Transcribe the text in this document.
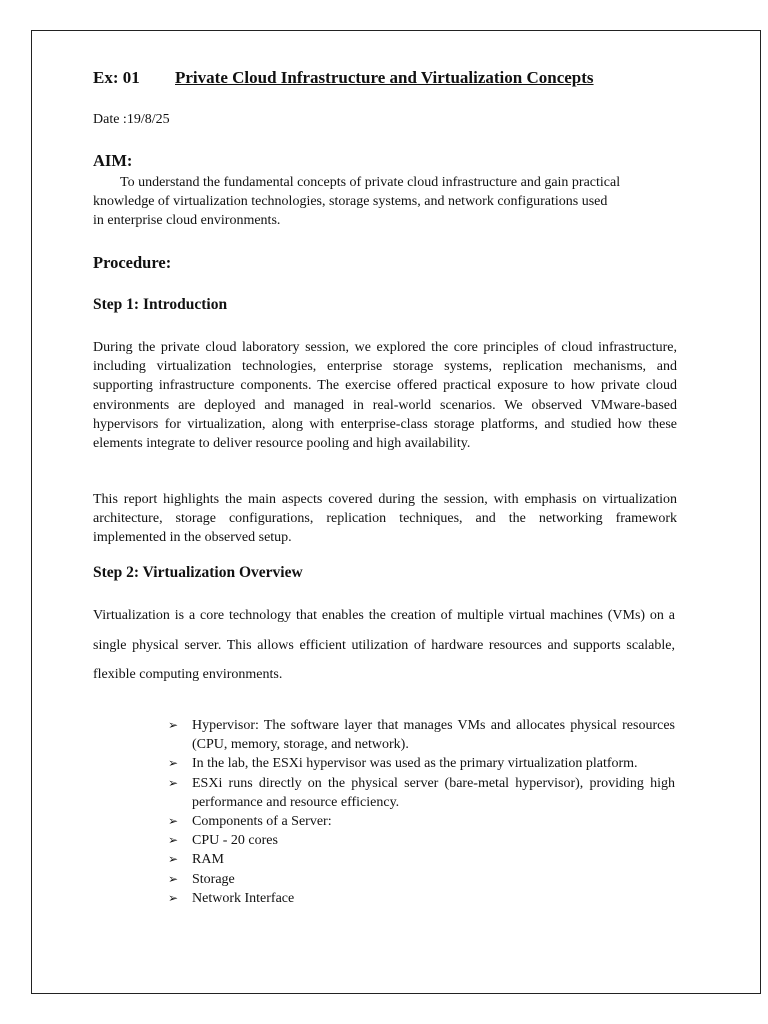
Ex: 01 Private Cloud Infrastructure and Virtualization Concepts
Date :19/8/25
AIM:
To understand the fundamental concepts of private cloud infrastructure and gain practical
knowledge of virtualization technologies, storage systems, and network configurations used
in enterprise cloud environments.
Procedure:
Step 1: Introduction
During the private cloud laboratory session, we explored the core principles of cloud infrastructure, including virtualization technologies, enterprise storage systems, replication mechanisms, and supporting infrastructure components. The exercise offered practical exposure to how private cloud environments are deployed and managed in real-world scenarios. We observed VMware-based hypervisors for virtualization, along with enterprise-class storage platforms, and studied how these elements integrate to deliver resource pooling and high availability.
This report highlights the main aspects covered during the session, with emphasis on virtualization architecture, storage configurations, replication techniques, and the networking framework implemented in the observed setup.
Step 2: Virtualization Overview
Virtualization is a core technology that enables the creation of multiple virtual machines (VMs) on a single physical server. This allows efficient utilization of hardware resources and supports scalable, flexible computing environments.
➢ Hypervisor: The software layer that manages VMs and allocates physical resources (CPU, memory, storage, and network).
➢ In the lab, the ESXi hypervisor was used as the primary virtualization platform.
➢ ESXi runs directly on the physical server (bare-metal hypervisor), providing high performance and resource efficiency.
➢ Components of a Server:
➢ CPU - 20 cores
➢ RAM
➢ Storage
➢ Network Interface
